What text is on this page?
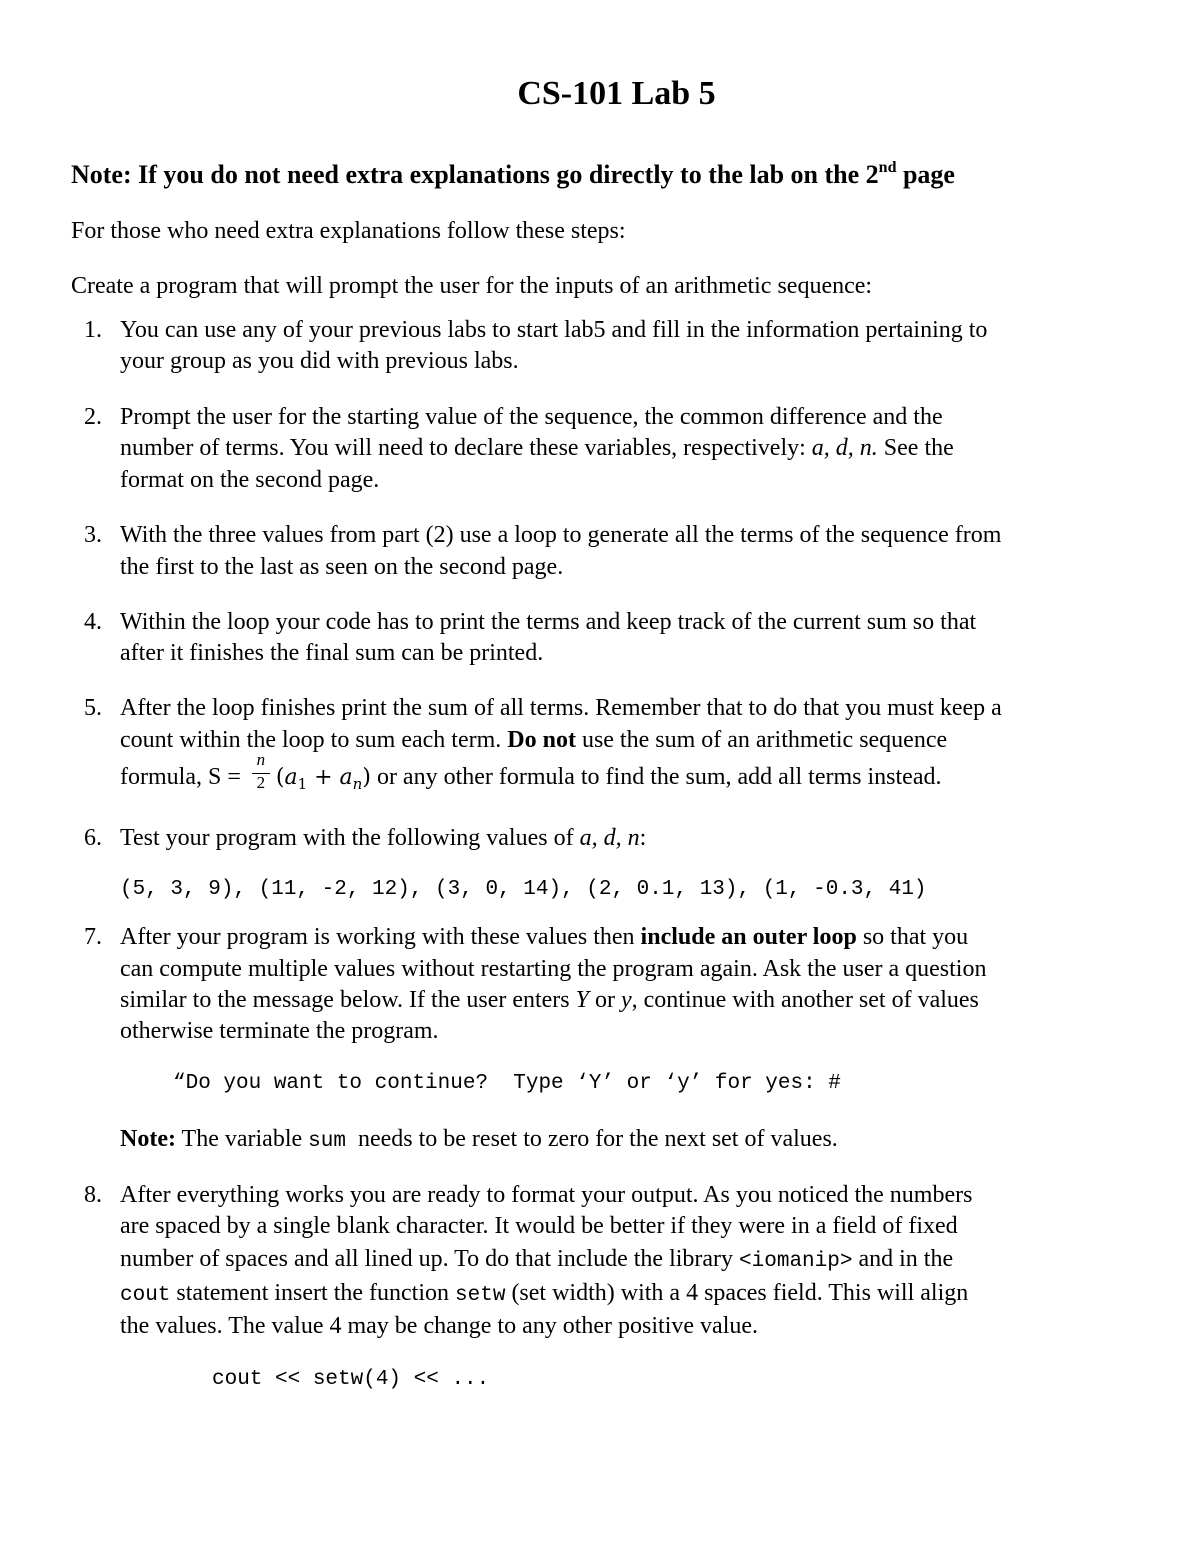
CS-101 Lab 5
Note: If you do not need extra explanations go directly to the lab on the 2nd page
For those who need extra explanations follow these steps:
Create a program that will prompt the user for the inputs of an arithmetic sequence:
1. You can use any of your previous labs to start lab5 and fill in the information pertaining to
your group as you did with previous labs.
2. Prompt the user for the starting value of the sequence, the common difference and the
number of terms. You will need to declare these variables, respectively: a, d, n. See the
format on the second page.
3. With the three values from part (2) use a loop to generate all the terms of the sequence from
the first to the last as seen on the second page.
4. Within the loop your code has to print the terms and keep track of the current sum so that
after it finishes the final sum can be printed.
5. After the loop finishes print the sum of all terms. Remember that to do that you must keep a
count within the loop to sum each term. Do not use the sum of an arithmetic sequence
formula, $S = \frac{n}{2} (a_1 + a_n)$ or any other formula to find the sum, add all terms instead.
6. Test your program with the following values of a, d, n:
(5, 3, 9), (11, -2, 12), (3, 0, 14), (2, 0.1, 13), (1, -0.3, 41)
7. After your program is working with these values then include an outer loop so that you
can compute multiple values without restarting the program again. Ask the user a question
similar to the message below. If the user enters Y or y, continue with another set of values
otherwise terminate the program.
“Do you want to continue?  Type ‘Y’ or ‘y’ for yes: #
Note: The variable sum  needs to be reset to zero for the next set of values.
8. After everything works you are ready to format your output. As you noticed the numbers
are spaced by a single blank character. It would be better if they were in a field of fixed
number of spaces and all lined up. To do that include the library <iomanip> and in the
cout statement insert the function setw (set width) with a 4 spaces field. This will align
the values. The value 4 may be change to any other positive value.
cout << setw(4) << ...
